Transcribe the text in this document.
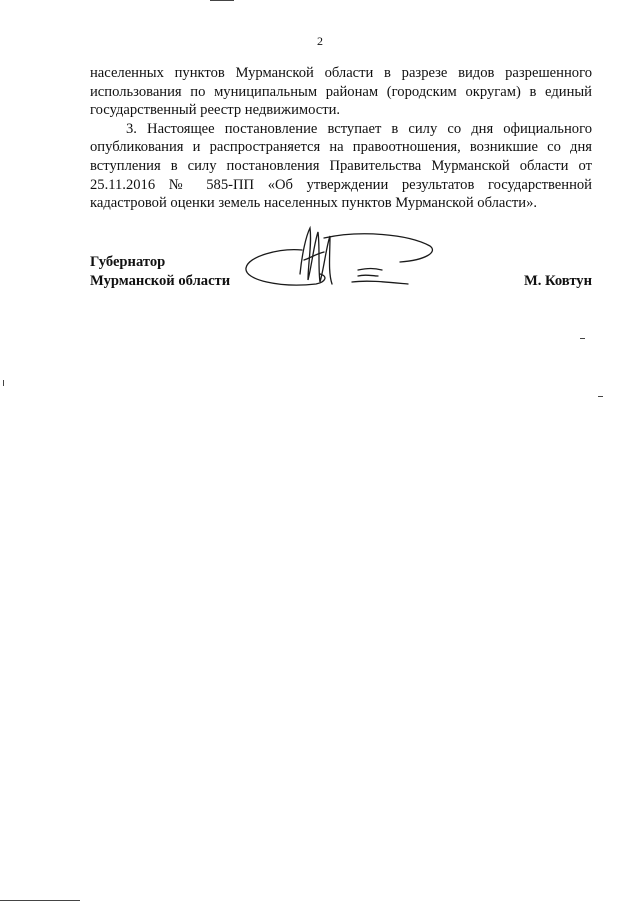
2

населенных пунктов Мурманской области в разрезе видов разрешенного использования по муниципальным районам (городским округам) в единый государственный реестр недвижимости.

3. Настоящее постановление вступает в силу со дня официального опубликования и распространяется на правоотношения, возникшие со дня вступления в силу постановления Правительства Мурманской области от 25.11.2016 № 585-ПП «Об утверждении результатов государственной кадастровой оценки земель населенных пунктов Мурманской области».

Губернатор
Мурманской области	М. Ковтун
